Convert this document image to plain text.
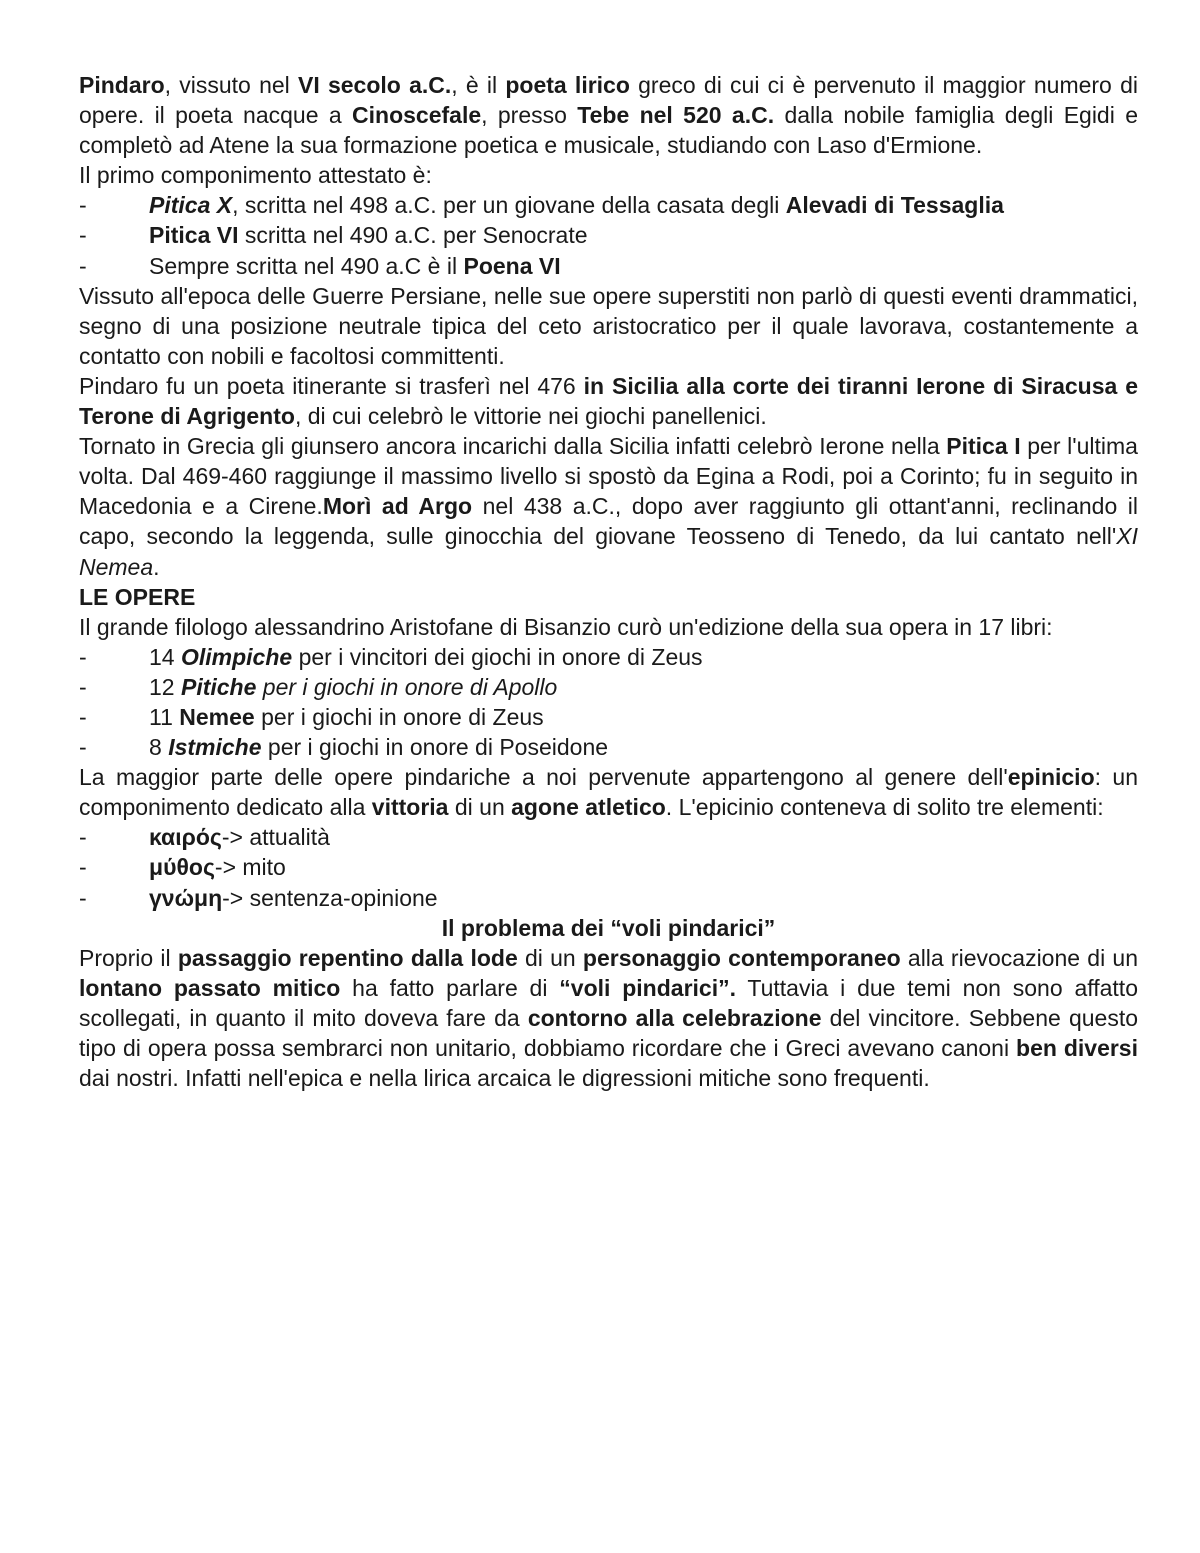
Pindaro, vissuto nel VI secolo a.C., è il poeta lirico greco di cui ci è pervenuto il maggior numero di opere. il poeta nacque a Cinoscefale, presso Tebe nel 520 a.C. dalla nobile famiglia degli Egidi e completò ad Atene la sua formazione poetica e musicale, studiando con Laso d'Ermione.

Il primo componimento attestato è:

-	Pitica X, scritta nel 498 a.C. per un giovane della casata degli Alevadi di Tessaglia
-	Pitica VI scritta nel 490 a.C. per Senocrate
-	Sempre scritta nel 490 a.C è il Poena VI

Vissuto all'epoca delle Guerre Persiane, nelle sue opere superstiti non parlò di questi eventi drammatici, segno di una posizione neutrale tipica del ceto aristocratico per il quale lavorava, costantemente a contatto con nobili e facoltosi committenti.

Pindaro fu un poeta itinerante si trasferì nel 476 in Sicilia alla corte dei tiranni Ierone di Siracusa e Terone di Agrigento, di cui celebrò le vittorie nei giochi panellenici.

Tornato in Grecia gli giunsero ancora incarichi dalla Sicilia infatti celebrò Ierone nella Pitica I per l'ultima volta. Dal 469-460 raggiunge il massimo livello si spostò da Egina a Rodi, poi a Corinto; fu in seguito in Macedonia e a Cirene.Morì ad Argo nel 438 a.C., dopo aver raggiunto gli ottant'anni, reclinando il capo, secondo la leggenda, sulle ginocchia del giovane Teosseno di Tenedo, da lui cantato nell'XI Nemea.

LE OPERE

Il grande filologo alessandrino Aristofane di Bisanzio curò un'edizione della sua opera in 17 libri:

-	14 Olimpiche per i vincitori dei giochi in onore di Zeus
-	12 Pitiche per i giochi in onore di Apollo
-	11 Nemee per i giochi in onore di Zeus
-	8 Istmiche per i giochi in onore di Poseidone

La maggior parte delle opere pindariche a noi pervenute appartengono al genere dell'epinicio: un componimento dedicato alla vittoria di un agone atletico. L'epicinio conteneva di solito tre elementi:

-	καιρός-> attualità
-	μύθος-> mito
-	γνώμη-> sentenza-opinione

Il problema dei “voli pindarici”

Proprio il passaggio repentino dalla lode di un personaggio contemporaneo alla rievocazione di un lontano passato mitico ha fatto parlare di “voli pindarici”. Tuttavia i due temi non sono affatto scollegati, in quanto il mito doveva fare da contorno alla celebrazione del vincitore. Sebbene questo tipo di opera possa sembrarci non unitario, dobbiamo ricordare che i Greci avevano canoni ben diversi dai nostri. Infatti nell'epica e nella lirica arcaica le digressioni mitiche sono frequenti.
